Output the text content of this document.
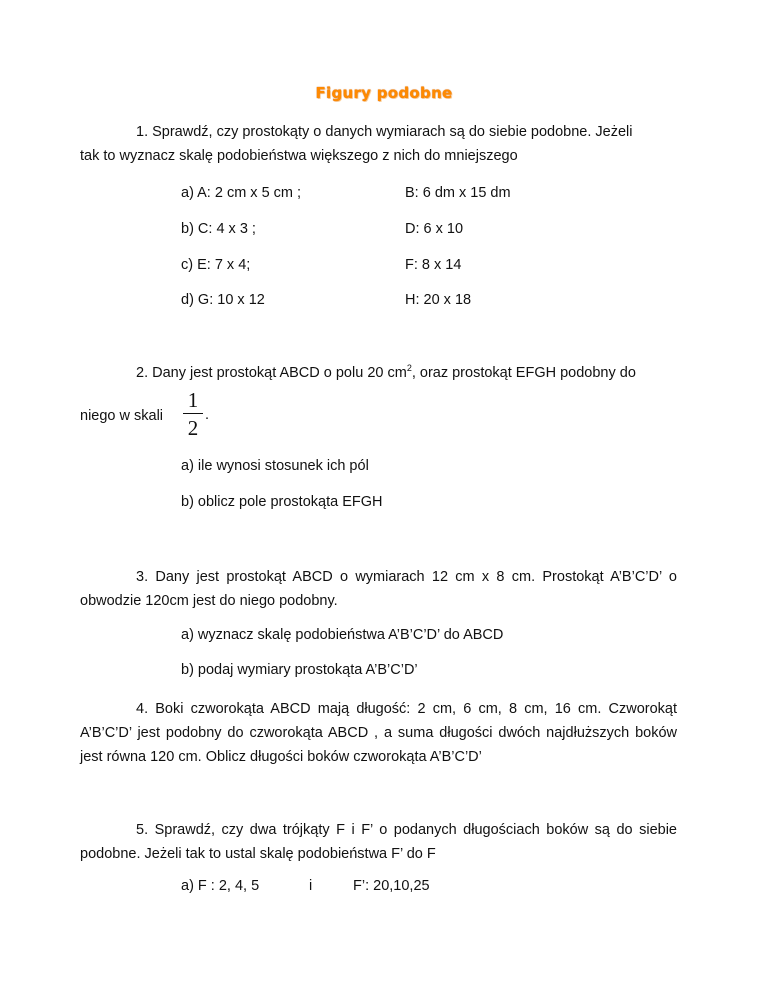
Figury podobne
1. Sprawdź, czy prostokąty o danych wymiarach są do siebie podobne. Jeżeli
tak to wyznacz skalę podobieństwa większego z nich do mniejszego
a) A: 2 cm x 5 cm ;	B: 6 dm x 15 dm
b) C: 4 x 3 ;	D: 6 x 10
c) E: 7 x 4;	F: 8 x 14
d) G: 10 x 12	H: 20 x 18
2. Dany jest prostokąt ABCD o polu 20 $cm^2$, oraz prostokąt EFGH podobny do
niego w skali
1
2
.
a) ile wynosi stosunek ich pól
b) oblicz pole prostokąta EFGH
3. Dany jest prostokąt ABCD o wymiarach 12 cm x 8 cm. Prostokąt A’B’C’D’ o obwodzie 120cm jest do niego podobny.
a) wyznacz skalę podobieństwa A’B’C’D’ do ABCD
b) podaj wymiary prostokąta A’B’C’D’
4. Boki czworokąta ABCD mają długość: 2 cm, 6 cm, 8 cm, 16 cm. Czworokąt A’B’C’D’ jest podobny do czworokąta ABCD , a suma długości dwóch najdłuższych boków jest równa 120 cm. Oblicz długości boków czworokąta A’B’C’D’
5. Sprawdź, czy dwa trójkąty F i F’ o podanych długościach boków są do siebie podobne. Jeżeli tak to ustal skalę podobieństwa F’ do F
a) F : 2, 4, 5	i	F’: 20,10,25
